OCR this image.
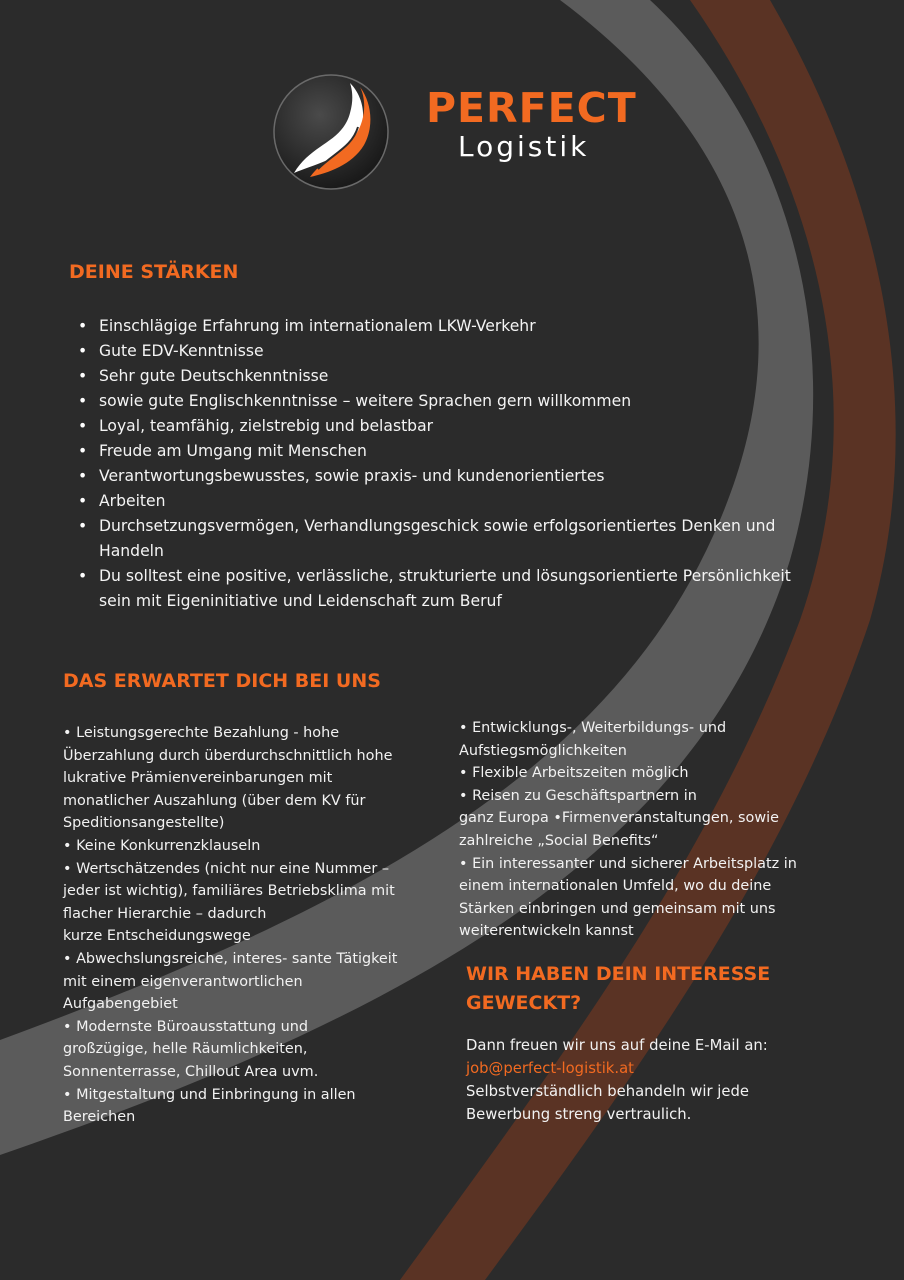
PERFECT
Logistik
DEINE STÄRKEN
• Einschlägige Erfahrung im internationalem LKW-Verkehr
• Gute EDV-Kenntnisse
• Sehr gute Deutschkenntnisse
• sowie gute Englischkenntnisse – weitere Sprachen gern willkommen
• Loyal, teamfähig, zielstrebig und belastbar
• Freude am Umgang mit Menschen
• Verantwortungsbewusstes, sowie praxis- und kundenorientiertes
• Arbeiten
• Durchsetzungsvermögen, Verhandlungsgeschick sowie erfolgsorientiertes Denken und
Handeln
• Du solltest eine positive, verlässliche, strukturierte und lösungsorientierte Persönlichkeit
sein mit Eigeninitiative und Leidenschaft zum Beruf
DAS ERWARTET DICH BEI UNS
• Leistungsgerechte Bezahlung - hohe
Überzahlung durch überdurchschnittlich hohe
lukrative Prämienvereinbarungen mit
monatlicher Auszahlung (über dem KV für
Speditionsangestellte)
• Keine Konkurrenzklauseln
• Wertschätzendes (nicht nur eine Nummer –
jeder ist wichtig), familiäres Betriebsklima mit
flacher Hierarchie – dadurch
kurze Entscheidungswege
• Abwechslungsreiche, interes- sante Tätigkeit
mit einem eigenverantwortlichen
Aufgabengebiet
• Modernste Büroausstattung und
großzügige, helle Räumlichkeiten,
Sonnenterrasse, Chillout Area uvm.
• Mitgestaltung und Einbringung in allen
Bereichen
• Entwicklungs-, Weiterbildungs- und
Aufstiegsmöglichkeiten
• Flexible Arbeitszeiten möglich
• Reisen zu Geschäftspartnern in
ganz Europa •Firmenveranstaltungen, sowie
zahlreiche „Social Benefits“
• Ein interessanter und sicherer Arbeitsplatz in
einem internationalen Umfeld, wo du deine
Stärken einbringen und gemeinsam mit uns
weiterentwickeln kannst
WIR HABEN DEIN INTERESSE
GEWECKT?
Dann freuen wir uns auf deine E-Mail an:
job@perfect-logistik.at
Selbstverständlich behandeln wir jede
Bewerbung streng vertraulich.
